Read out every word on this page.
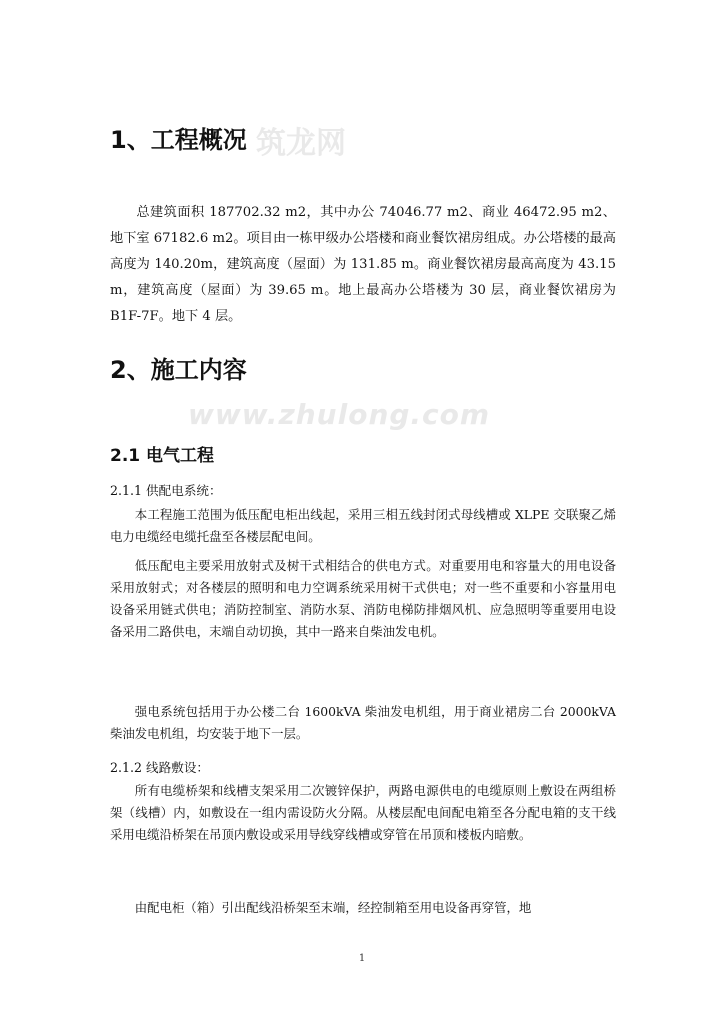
筑龙网
www.zhulong.com
1、工程概况

总建筑面积 187702.32 m2，其中办公 74046.77 m2、商业 46472.95 m2、地下室 67182.6 m2。项目由一栋甲级办公塔楼和商业餐饮裙房组成。办公塔楼的最高高度为 140.20m，建筑高度（屋面）为 131.85 m。商业餐饮裙房最高高度为 43.15 m，建筑高度（屋面）为 39.65 m。地上最高办公塔楼为 30 层，商业餐饮裙房为 B1F-7F。地下 4 层。

2、施工内容
2.1 电气工程

2.1.1 供配电系统：

本工程施工范围为低压配电柜出线起，采用三相五线封闭式母线槽或 XLPE 交联聚乙烯电力电缆经电缆托盘至各楼层配电间。

低压配电主要采用放射式及树干式相结合的供电方式。对重要用电和容量大的用电设备采用放射式；对各楼层的照明和电力空调系统采用树干式供电；对一些不重要和小容量用电设备采用链式供电；消防控制室、消防水泵、消防电梯防排烟风机、应急照明等重要用电设备采用二路供电，末端自动切换，其中一路来自柴油发电机。

强电系统包括用于办公楼二台 1600kVA 柴油发电机组，用于商业裙房二台 2000kVA 柴油发电机组，均安装于地下一层。

2.1.2 线路敷设：

所有电缆桥架和线槽支架采用二次镀锌保护，两路电源供电的电缆原则上敷设在两组桥架（线槽）内，如敷设在一组内需设防火分隔。从楼层配电间配电箱至各分配电箱的支干线采用电缆沿桥架在吊顶内敷设或采用导线穿线槽或穿管在吊顶和楼板内暗敷。

由配电柜（箱）引出配线沿桥架至末端，经控制箱至用电设备再穿管，地

1
